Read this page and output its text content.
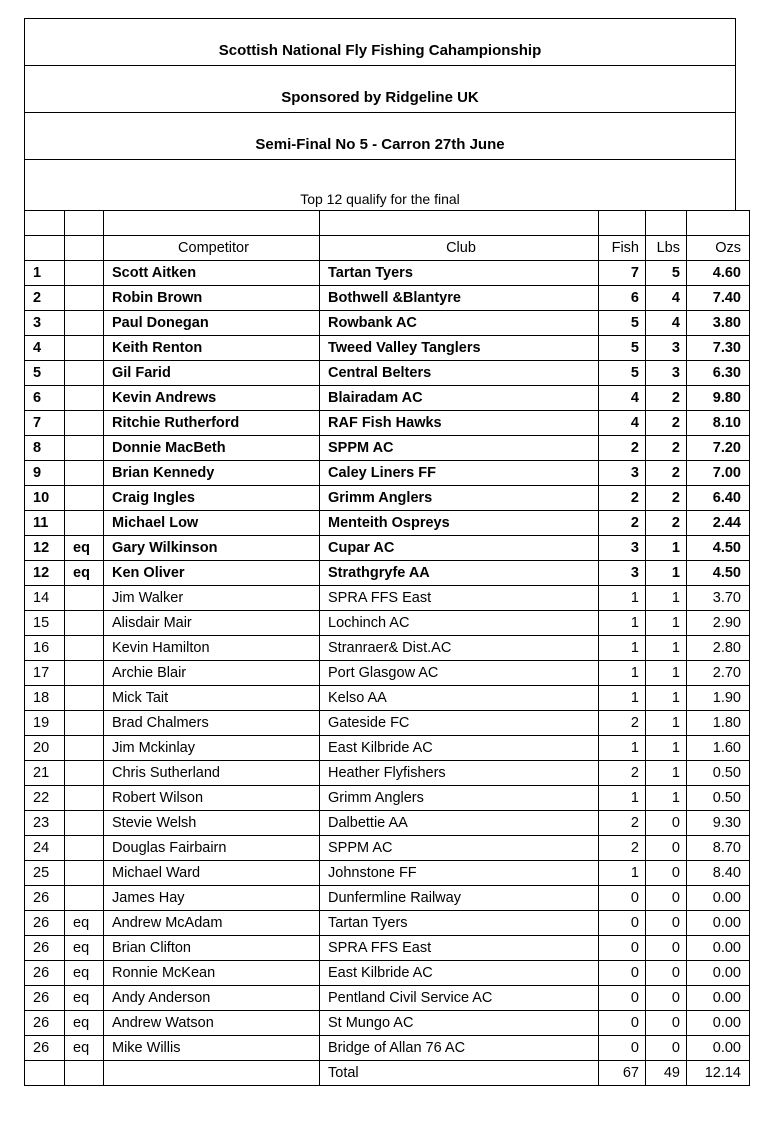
Scottish National Fly Fishing Cahampionship
Sponsored by Ridgeline UK
Semi-Final No 5 - Carron 27th June
Top 12 qualify for the final

		Competitor	Club	Fish	Lbs	Ozs
1		Scott Aitken	Tartan Tyers	7	5	4.60
2		Robin Brown	Bothwell &Blantyre	6	4	7.40
3		Paul Donegan	Rowbank AC	5	4	3.80
4		Keith Renton	Tweed Valley Tanglers	5	3	7.30
5		Gil Farid	Central Belters	5	3	6.30
6		Kevin Andrews	Blairadam AC	4	2	9.80
7		Ritchie Rutherford	RAF Fish Hawks	4	2	8.10
8		Donnie MacBeth	SPPM AC	2	2	7.20
9		Brian Kennedy	Caley Liners FF	3	2	7.00
10		Craig Ingles	Grimm Anglers	2	2	6.40
11		Michael Low	Menteith Ospreys	2	2	2.44
12	eq	Gary Wilkinson	Cupar AC	3	1	4.50
12	eq	Ken Oliver	Strathgryfe AA	3	1	4.50
14		Jim Walker	SPRA FFS East	1	1	3.70
15		Alisdair Mair	Lochinch AC	1	1	2.90
16		Kevin Hamilton	Stranraer& Dist.AC	1	1	2.80
17		Archie Blair	Port Glasgow AC	1	1	2.70
18		Mick Tait	Kelso AA	1	1	1.90
19		Brad Chalmers	Gateside FC	2	1	1.80
20		Jim Mckinlay	East Kilbride AC	1	1	1.60
21		Chris Sutherland	Heather Flyfishers	2	1	0.50
22		Robert Wilson	Grimm Anglers	1	1	0.50
23		Stevie Welsh	Dalbettie AA	2	0	9.30
24		Douglas Fairbairn	SPPM AC	2	0	8.70
25		Michael Ward	Johnstone FF	1	0	8.40
26		James Hay	Dunfermline Railway	0	0	0.00
26	eq	Andrew McAdam	Tartan Tyers	0	0	0.00
26	eq	Brian Clifton	SPRA FFS East	0	0	0.00
26	eq	Ronnie McKean	East Kilbride AC	0	0	0.00
26	eq	Andy Anderson	Pentland Civil Service AC	0	0	0.00
26	eq	Andrew Watson	St Mungo AC	0	0	0.00
26	eq	Mike Willis	Bridge of Allan 76 AC	0	0	0.00
			Total	67	49	12.14
